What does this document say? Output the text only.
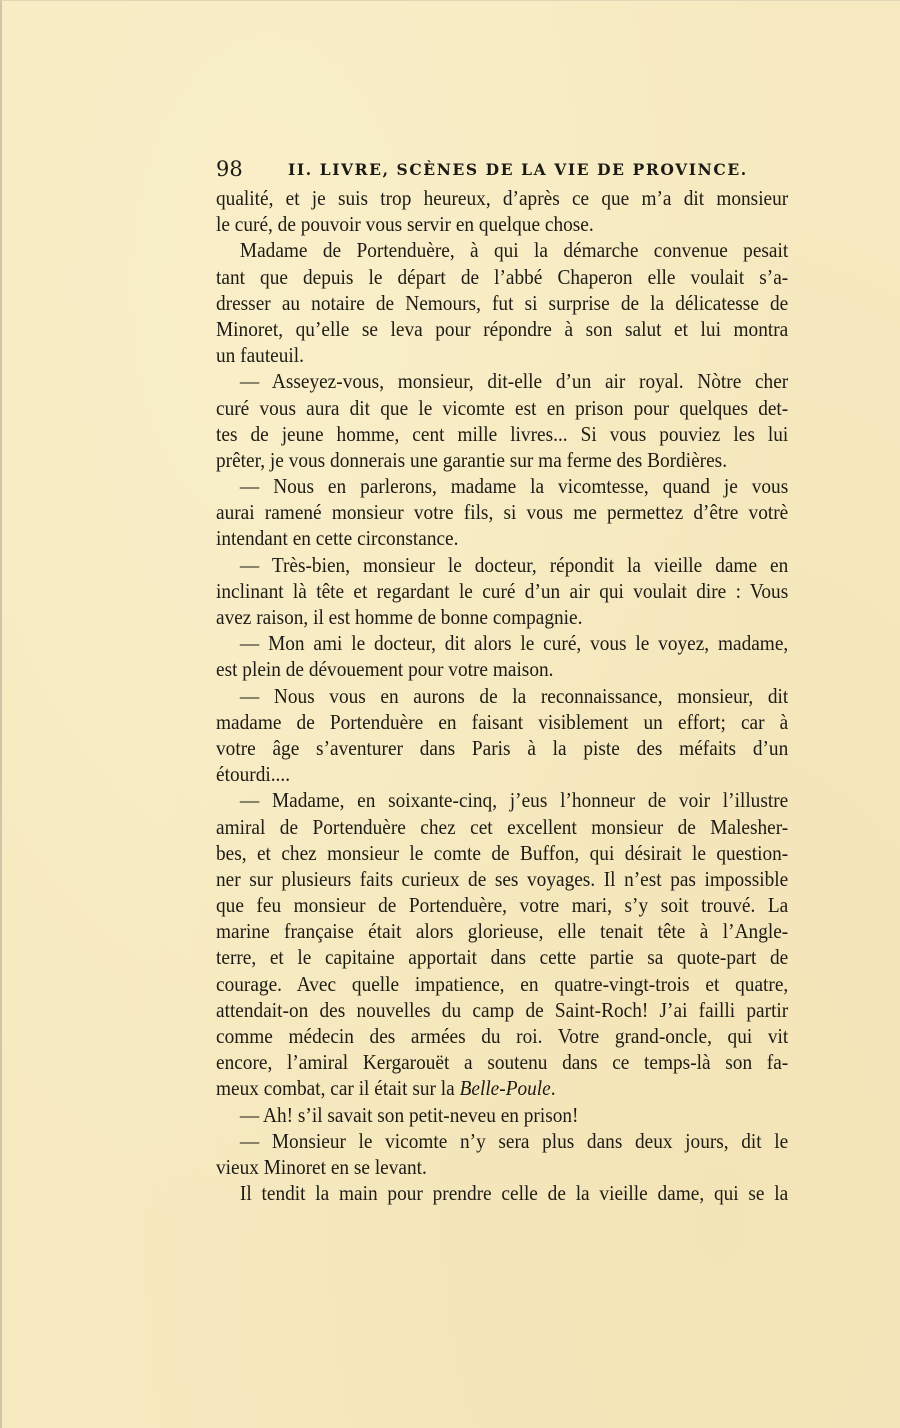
98	II. LIVRE, SCÈNES DE LA VIE DE PROVINCE.
qualité, et je suis trop heureux, d’après ce que m’a dit monsieur
le curé, de pouvoir vous servir en quelque chose.
Madame de Portenduère, à qui la démarche convenue pesait
tant que depuis le départ de l’abbé Chaperon elle voulait s’a-
dresser au notaire de Nemours, fut si surprise de la délicatesse de
Minoret, qu’elle se leva pour répondre à son salut et lui montra
un fauteuil.
— Asseyez-vous, monsieur, dit-elle d’un air royal. Nòtre cher
curé vous aura dit que le vicomte est en prison pour quelques det-
tes de jeune homme, cent mille livres... Si vous pouviez les lui
prêter, je vous donnerais une garantie sur ma ferme des Bordières.
— Nous en parlerons, madame la vicomtesse, quand je vous
aurai ramené monsieur votre fils, si vous me permettez d’être votrè
intendant en cette circonstance.
— Très-bien, monsieur le docteur, répondit la vieille dame en
inclinant là tête et regardant le curé d’un air qui voulait dire : Vous
avez raison, il est homme de bonne compagnie.
— Mon ami le docteur, dit alors le curé, vous le voyez, madame,
est plein de dévouement pour votre maison.
— Nous vous en aurons de la reconnaissance, monsieur, dit
madame de Portenduère en faisant visiblement un effort; car à
votre âge s’aventurer dans Paris à la piste des méfaits d’un
étourdi....
— Madame, en soixante-cinq, j’eus l’honneur de voir l’illustre
amiral de Portenduère chez cet excellent monsieur de Malesher-
bes, et chez monsieur le comte de Buffon, qui désirait le question-
ner sur plusieurs faits curieux de ses voyages. Il n’est pas impossible
que feu monsieur de Portenduère, votre mari, s’y soit trouvé. La
marine française était alors glorieuse, elle tenait tête à l’Angle-
terre, et le capitaine apportait dans cette partie sa quote-part de
courage. Avec quelle impatience, en quatre-vingt-trois et quatre,
attendait-on des nouvelles du camp de Saint-Roch! J’ai failli partir
comme médecin des armées du roi. Votre grand-oncle, qui vit
encore, l’amiral Kergarouët a soutenu dans ce temps-là son fa-
meux combat, car il était sur la Belle-Poule.
— Ah! s’il savait son petit-neveu en prison!
— Monsieur le vicomte n’y sera plus dans deux jours, dit le
vieux Minoret en se levant.
Il tendit la main pour prendre celle de la vieille dame, qui se la
